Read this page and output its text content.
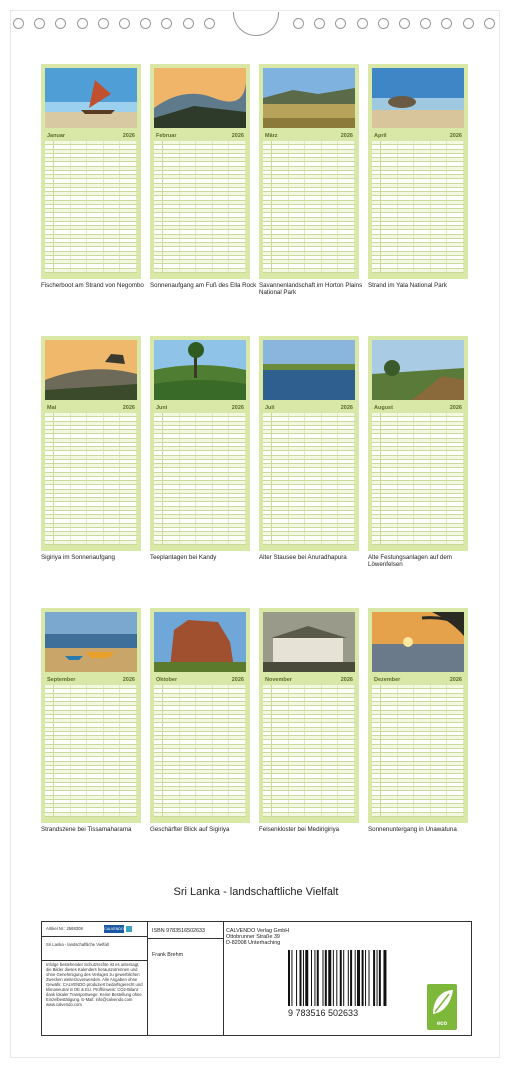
Januar	2026
Fischerboot am Strand von Negombo
Februar	2026
Sonnenaufgang am Fuß des Ella Rock
März	2026
Savannenlandschaft im Horton Plains National Park
April	2026
Strand im Yala National Park
Mai	2026
Sigiriya im Sonnenaufgang
Juni	2026
Teeplantagen bei Kandy
Juli	2026
Alter Stausee bei Anuradhapura
August	2026
Alte Festungsanlagen auf dem Löwenfelsen
September	2026
Strandszene bei Tissamaharama
Oktober	2026
Geschärfter Blick auf Sigiriya
November	2026
Felsenkloster bei Medirigiriya
Dezember	2026
Sonnenuntergang in Unawatuna
Sri Lanka - landschaftliche Vielfalt
Artikel Nr.: 2568308	CALVENDO
Sri Lanka - landschaftliche Vielfalt
Infolge bestehender Schutzrechte ist es untersagt, die Bilder dieses Kalenders herauszutrennen und ohne Genehmigung des Verlages zu gewerblichen Zwecken weiterzuverwenden. Alle Angaben ohne Gewähr. CALVENDO produziert bedarfsgerecht und klimaneutral in DE & EU. Prüfhinweis: CO2-Bilanz dank lokaler Transportwege. Keine Bestellung ohne Einzelbestätigung. E-Mail: info@calvendo.com www.calvendo.com
ISBN 9783516502633
Frank Brehm
CALVENDO Verlag GmbH
Ottobrunner Straße 39
D-82008 Unterhaching
9 783516 502633
eco
